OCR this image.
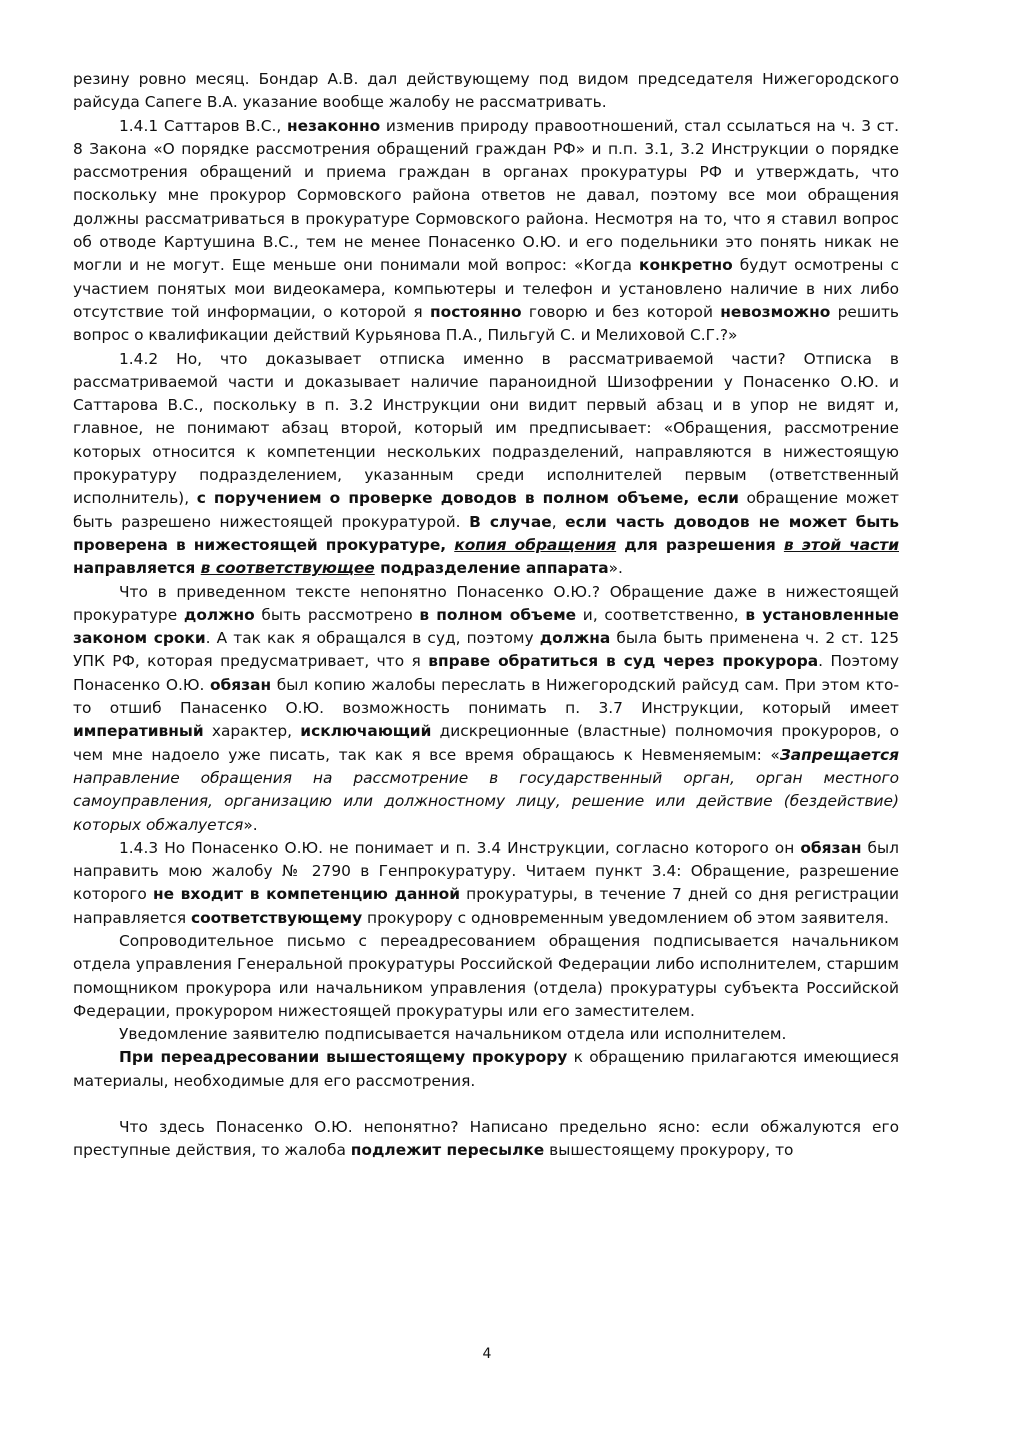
резину ровно месяц. Бондар А.В. дал действующему под видом председателя Нижегородского райсуда Сапеге В.А. указание вообще жалобу не рассматривать.

1.4.1 Саттаров В.С., незаконно изменив природу правоотношений, стал ссылаться на ч. 3 ст. 8 Закона «О порядке рассмотрения обращений граждан РФ» и п.п. 3.1, 3.2 Инструкции о порядке рассмотрения обращений и приема граждан в органах прокуратуры РФ и утверждать, что поскольку мне прокурор Сормовского района ответов не давал, поэтому все мои обращения должны рассматриваться в прокуратуре Сормовского района. Несмотря на то, что я ставил вопрос об отводе Картушина В.С., тем не менее Понасенко О.Ю. и его подельники это понять никак не могли и не могут. Еще меньше они понимали мой вопрос: «Когда конкретно будут осмотрены с участием понятых мои видеокамера, компьютеры и телефон и установлено наличие в них либо отсутствие той информации, о которой я постоянно говорю и без которой невозможно решить вопрос о квалификации действий Курьянова П.А., Пильгуй С. и Мелиховой С.Г.?»

1.4.2 Но, что доказывает отписка именно в рассматриваемой части? Отписка в рассматриваемой части и доказывает наличие параноидной Шизофрении у Понасенко О.Ю. и Саттарова В.С., поскольку в п. 3.2 Инструкции они видит первый абзац и в упор не видят и, главное, не понимают абзац второй, который им предписывает: «Обращения, рассмотрение которых относится к компетенции нескольких подразделений, направляются в нижестоящую прокуратуру подразделением, указанным среди исполнителей первым (ответственный исполнитель), с поручением о проверке доводов в полном объеме, если обращение может быть разрешено нижестоящей прокуратурой. В случае, если часть доводов не может быть проверена в нижестоящей прокуратуре, копия обращения для разрешения в этой части направляется в соответствующее подразделение аппарата».

Что в приведенном тексте непонятно Понасенко О.Ю.? Обращение даже в нижестоящей прокуратуре должно быть рассмотрено в полном объеме и, соответственно, в установленные законом сроки. А так как я обращался в суд, поэтому должна была быть применена ч. 2 ст. 125 УПК РФ, которая предусматривает, что я вправе обратиться в суд через прокурора. Поэтому Понасенко О.Ю. обязан был копию жалобы переслать в Нижегородский райсуд сам. При этом кто-то отшиб Панасенко О.Ю. возможность понимать п. 3.7 Инструкции, который имеет императивный характер, исключающий дискреционные (властные) полномочия прокуроров, о чем мне надоело уже писать, так как я все время обращаюсь к Невменяемым: «Запрещается направление обращения на рассмотрение в государственный орган, орган местного самоуправления, организацию или должностному лицу, решение или действие (бездействие) которых обжалуется».

1.4.3 Но Понасенко О.Ю. не понимает и п. 3.4 Инструкции, согласно которого он обязан был направить мою жалобу № 2790 в Генпрокуратуру. Читаем пункт 3.4: Обращение, разрешение которого не входит в компетенцию данной прокуратуры, в течение 7 дней со дня регистрации направляется соответствующему прокурору с одновременным уведомлением об этом заявителя.

Сопроводительное письмо с переадресованием обращения подписывается начальником отдела управления Генеральной прокуратуры Российской Федерации либо исполнителем, старшим помощником прокурора или начальником управления (отдела) прокуратуры субъекта Российской Федерации, прокурором нижестоящей прокуратуры или его заместителем.

Уведомление заявителю подписывается начальником отдела или исполнителем.

При переадресовании вышестоящему прокурору к обращению прилагаются имеющиеся материалы, необходимые для его рассмотрения.

Что здесь Понасенко О.Ю. непонятно? Написано предельно ясно: если обжалуются его преступные действия, то жалоба подлежит пересылке вышестоящему прокурору, то

4
